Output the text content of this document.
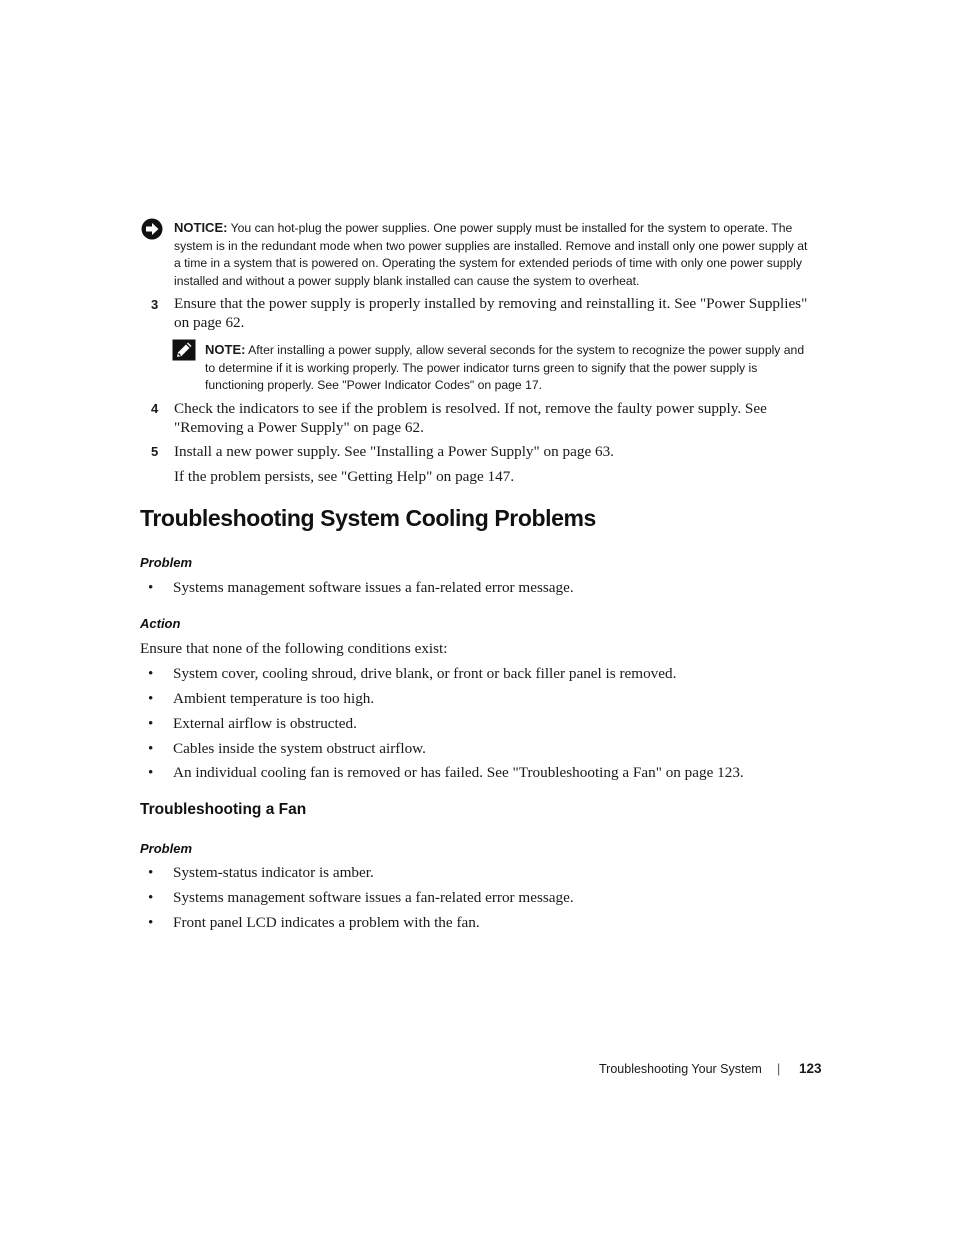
NOTICE: You can hot-plug the power supplies. One power supply must be installed for the system to operate. The system is in the redundant mode when two power supplies are installed. Remove and install only one power supply at a time in a system that is powered on. Operating the system for extended periods of time with only one power supply installed and without a power supply blank installed can cause the system to overheat.
3 Ensure that the power supply is properly installed by removing and reinstalling it. See "Power Supplies" on page 62.
NOTE: After installing a power supply, allow several seconds for the system to recognize the power supply and to determine if it is working properly. The power indicator turns green to signify that the power supply is functioning properly. See "Power Indicator Codes" on page 17.
4 Check the indicators to see if the problem is resolved. If not, remove the faulty power supply. See "Removing a Power Supply" on page 62.
5 Install a new power supply. See "Installing a Power Supply" on page 63.
If the problem persists, see "Getting Help" on page 147.
Troubleshooting System Cooling Problems
Problem
• Systems management software issues a fan-related error message.
Action
Ensure that none of the following conditions exist:
• System cover, cooling shroud, drive blank, or front or back filler panel is removed.
• Ambient temperature is too high.
• External airflow is obstructed.
• Cables inside the system obstruct airflow.
• An individual cooling fan is removed or has failed. See "Troubleshooting a Fan" on page 123.
Troubleshooting a Fan
Problem
• System-status indicator is amber.
• Systems management software issues a fan-related error message.
• Front panel LCD indicates a problem with the fan.
Troubleshooting Your System | 123
